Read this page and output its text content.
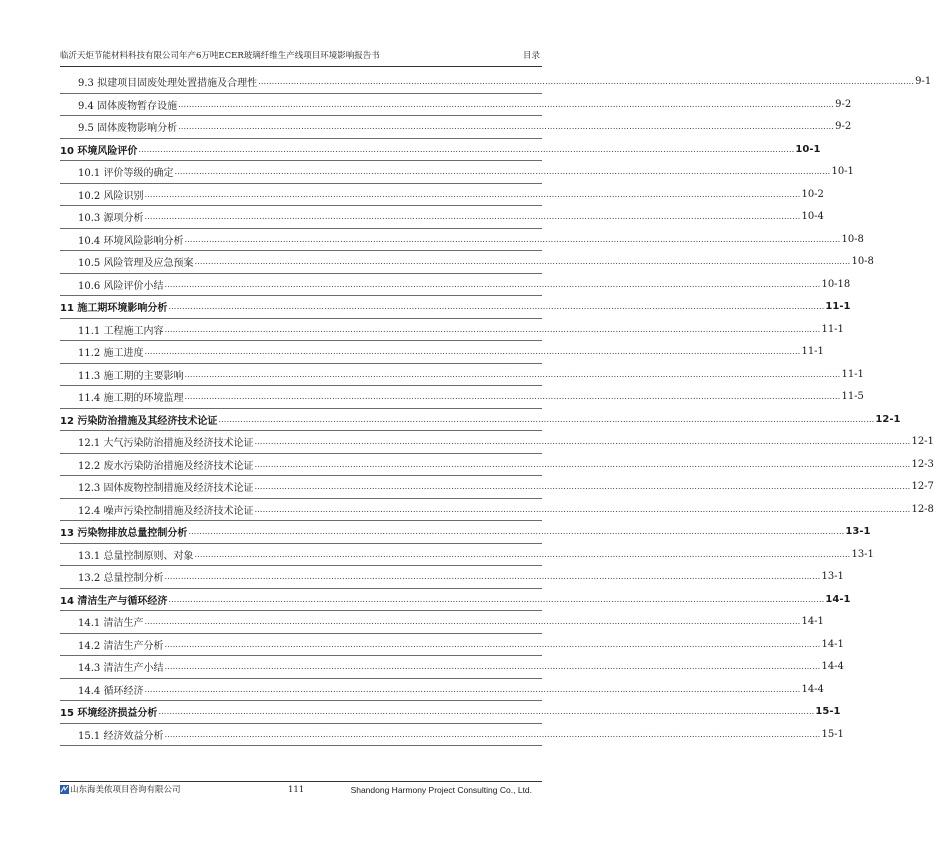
临沂天炬节能材料科技有限公司年产6万吨ECER玻璃纤维生产线项目环境影响报告书	目录
9.3 拟建项目固废处理处置措施及合理性 …………………………………………………………………………………………………………………………………………………………………………………………………………………… 9-1
9.4 固体废物暂存设施 …………………………………………………………………………………………………………………………………………………………………………………………………………………… 9-2
9.5 固体废物影响分析 …………………………………………………………………………………………………………………………………………………………………………………………………………………… 9-2
10 环境风险评价 …………………………………………………………………………………………………………………………………………………………………………………………………………………… 10-1
10.1 评价等级的确定 …………………………………………………………………………………………………………………………………………………………………………………………………………………… 10-1
10.2 风险识别 …………………………………………………………………………………………………………………………………………………………………………………………………………………… 10-2
10.3 源项分析 …………………………………………………………………………………………………………………………………………………………………………………………………………………… 10-4
10.4 环境风险影响分析 …………………………………………………………………………………………………………………………………………………………………………………………………………………… 10-8
10.5 风险管理及应急预案 …………………………………………………………………………………………………………………………………………………………………………………………………………………… 10-8
10.6 风险评价小结 …………………………………………………………………………………………………………………………………………………………………………………………………………………… 10-18
11 施工期环境影响分析 …………………………………………………………………………………………………………………………………………………………………………………………………………………… 11-1
11.1 工程施工内容 …………………………………………………………………………………………………………………………………………………………………………………………………………………… 11-1
11.2 施工进度 …………………………………………………………………………………………………………………………………………………………………………………………………………………… 11-1
11.3 施工期的主要影响 …………………………………………………………………………………………………………………………………………………………………………………………………………………… 11-1
11.4 施工期的环境监理 …………………………………………………………………………………………………………………………………………………………………………………………………………………… 11-5
12 污染防治措施及其经济技术论证 …………………………………………………………………………………………………………………………………………………………………………………………………………………… 12-1
12.1 大气污染防治措施及经济技术论证 …………………………………………………………………………………………………………………………………………………………………………………………………………………… 12-1
12.2 废水污染防治措施及经济技术论证 …………………………………………………………………………………………………………………………………………………………………………………………………………………… 12-3
12.3 固体废物控制措施及经济技术论证 …………………………………………………………………………………………………………………………………………………………………………………………………………………… 12-7
12.4 噪声污染控制措施及经济技术论证 …………………………………………………………………………………………………………………………………………………………………………………………………………………… 12-8
13 污染物排放总量控制分析 …………………………………………………………………………………………………………………………………………………………………………………………………………………… 13-1
13.1 总量控制原则、对象 …………………………………………………………………………………………………………………………………………………………………………………………………………………… 13-1
13.2 总量控制分析 …………………………………………………………………………………………………………………………………………………………………………………………………………………… 13-1
14 清洁生产与循环经济 …………………………………………………………………………………………………………………………………………………………………………………………………………………… 14-1
14.1 清洁生产 …………………………………………………………………………………………………………………………………………………………………………………………………………………… 14-1
14.2 清洁生产分析 …………………………………………………………………………………………………………………………………………………………………………………………………………………… 14-1
14.3 清洁生产小结 …………………………………………………………………………………………………………………………………………………………………………………………………………………… 14-4
14.4 循环经济 …………………………………………………………………………………………………………………………………………………………………………………………………………………… 14-4
15 环境经济损益分析 …………………………………………………………………………………………………………………………………………………………………………………………………………………… 15-1
15.1 经济效益分析 …………………………………………………………………………………………………………………………………………………………………………………………………………………… 15-1
山东海美侬项目咨询有限公司	111	Shandong Harmony Project Consulting Co., Ltd.
